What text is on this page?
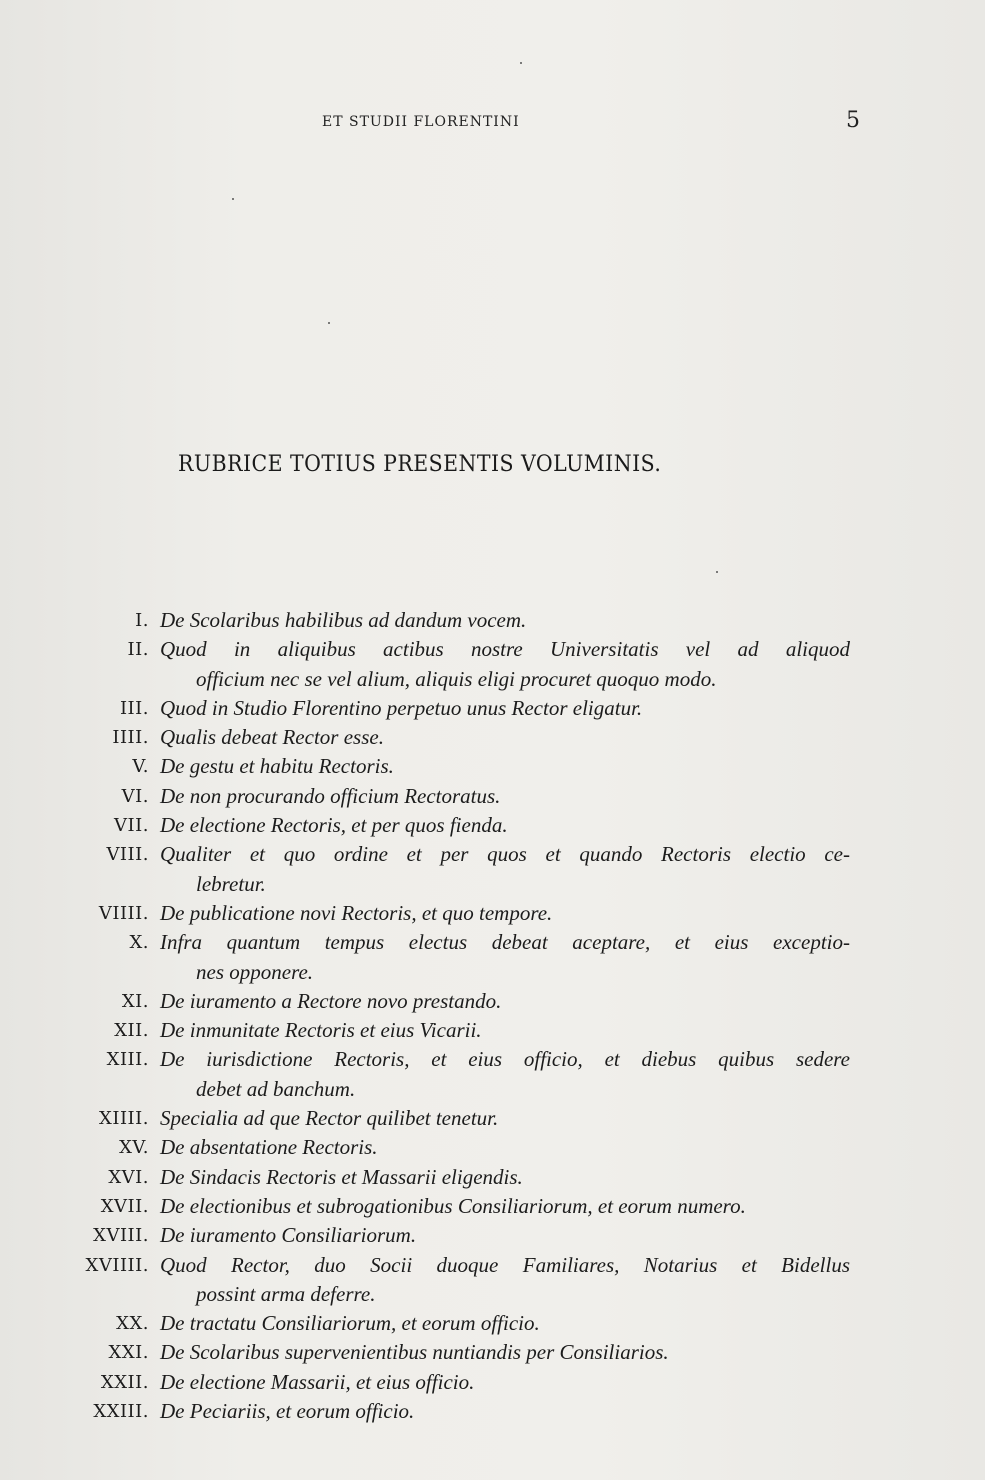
ET STUDII FLORENTINI	5
RUBRICE TOTIUS PRESENTIS VOLUMINIS.
I. De Scolaribus habilibus ad dandum vocem.
II. Quod in aliquibus actibus nostre Universitatis vel ad aliquod
officium nec se vel alium, aliquis eligi procuret quoquo modo.
III. Quod in Studio Florentino perpetuo unus Rector eligatur.
IIII. Qualis debeat Rector esse.
V. De gestu et habitu Rectoris.
VI. De non procurando officium Rectoratus.
VII. De electione Rectoris, et per quos fienda.
VIII. Qualiter et quo ordine et per quos et quando Rectoris electio ce-
lebretur.
VIIII. De publicatione novi Rectoris, et quo tempore.
X. Infra quantum tempus electus debeat aceptare, et eius exceptio-
nes opponere.
XI. De iuramento a Rectore novo prestando.
XII. De inmunitate Rectoris et eius Vicarii.
XIII. De iurisdictione Rectoris, et eius officio, et diebus quibus sedere
debet ad banchum.
XIIII. Specialia ad que Rector quilibet tenetur.
XV. De absentatione Rectoris.
XVI. De Sindacis Rectoris et Massarii eligendis.
XVII. De electionibus et subrogationibus Consiliariorum, et eorum numero.
XVIII. De iuramento Consiliariorum.
XVIIII. Quod Rector, duo Socii duoque Familiares, Notarius et Bidellus
possint arma deferre.
XX. De tractatu Consiliariorum, et eorum officio.
XXI. De Scolaribus supervenientibus nuntiandis per Consiliarios.
XXII. De electione Massarii, et eius officio.
XXIII. De Peciariis, et eorum officio.
